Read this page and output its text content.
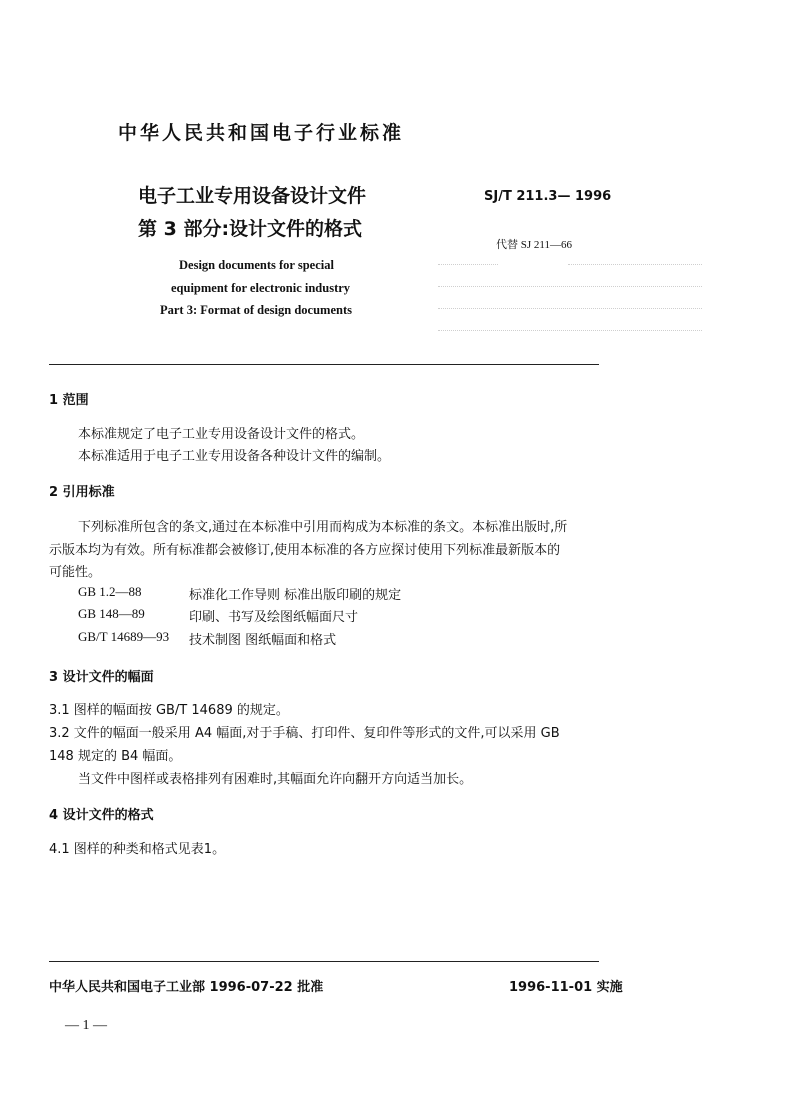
中华人民共和国电子行业标准
电子工业专用设备设计文件
第 3 部分:设计文件的格式
SJ/T 211.3— 1996
代替 SJ 211—66
Design documents for special
equipment for electronic industry
Part 3: Format of design documents
1 范围
本标准规定了电子工业专用设备设计文件的格式。
本标准适用于电子工业专用设备各种设计文件的编制。
2 引用标准
下列标准所包含的条文,通过在本标准中引用而构成为本标准的条文。本标准出版时,所
示版本均为有效。所有标准都会被修订,使用本标准的各方应探讨使用下列标准最新版本的
可能性。
GB 1.2—88	标准化工作导则 标准出版印刷的规定
GB 148—89	印刷、书写及绘图纸幅面尺寸
GB/T 14689—93 技术制图 图纸幅面和格式
3 设计文件的幅面
3.1 图样的幅面按 GB/T 14689 的规定。
3.2 文件的幅面一般采用 A4 幅面,对于手稿、打印件、复印件等形式的文件,可以采用 GB
148 规定的 B4 幅面。
当文件中图样或表格排列有困难时,其幅面允许向翻开方向适当加长。
4 设计文件的格式
4.1 图样的种类和格式见表1。
中华人民共和国电子工业部 1996-07-22 批准	1996-11-01 实施
— 1 —
